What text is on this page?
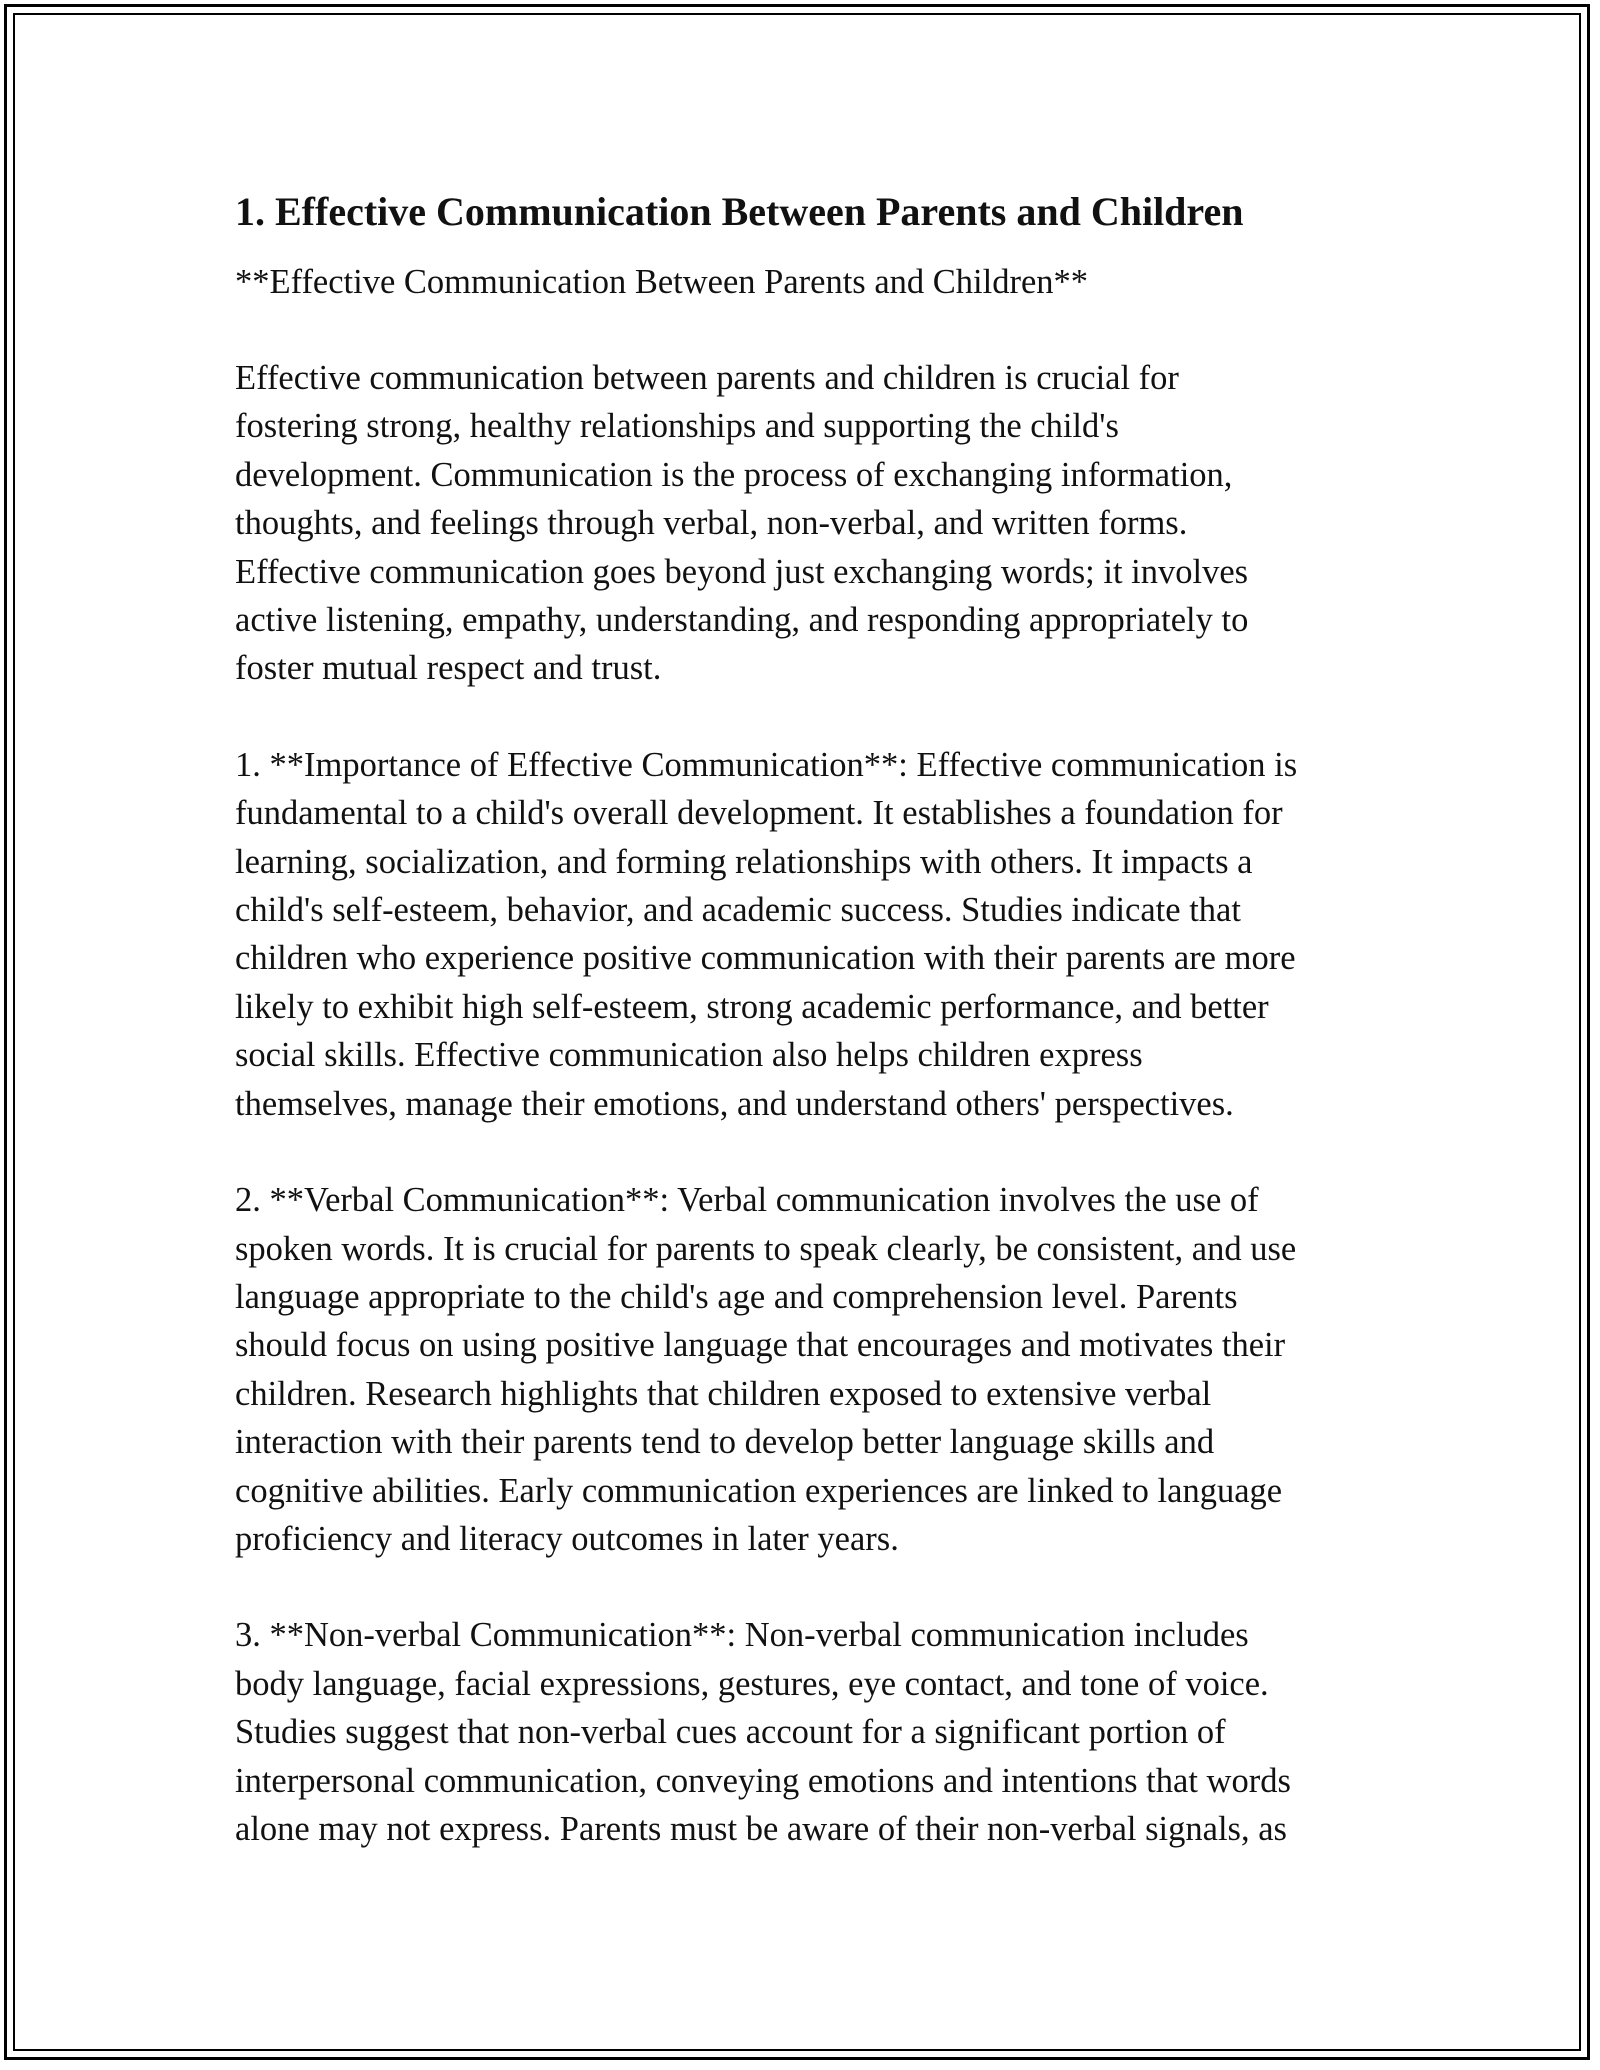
1. Effective Communication Between Parents and Children
**Effective Communication Between Parents and Children**
Effective communication between parents and children is crucial for
fostering strong, healthy relationships and supporting the child's
development. Communication is the process of exchanging information,
thoughts, and feelings through verbal, non-verbal, and written forms.
Effective communication goes beyond just exchanging words; it involves
active listening, empathy, understanding, and responding appropriately to
foster mutual respect and trust.
1. **Importance of Effective Communication**: Effective communication is
fundamental to a child's overall development. It establishes a foundation for
learning, socialization, and forming relationships with others. It impacts a
child's self-esteem, behavior, and academic success. Studies indicate that
children who experience positive communication with their parents are more
likely to exhibit high self-esteem, strong academic performance, and better
social skills. Effective communication also helps children express
themselves, manage their emotions, and understand others' perspectives.
2. **Verbal Communication**: Verbal communication involves the use of
spoken words. It is crucial for parents to speak clearly, be consistent, and use
language appropriate to the child's age and comprehension level. Parents
should focus on using positive language that encourages and motivates their
children. Research highlights that children exposed to extensive verbal
interaction with their parents tend to develop better language skills and
cognitive abilities. Early communication experiences are linked to language
proficiency and literacy outcomes in later years.
3. **Non-verbal Communication**: Non-verbal communication includes
body language, facial expressions, gestures, eye contact, and tone of voice.
Studies suggest that non-verbal cues account for a significant portion of
interpersonal communication, conveying emotions and intentions that words
alone may not express. Parents must be aware of their non-verbal signals, as
